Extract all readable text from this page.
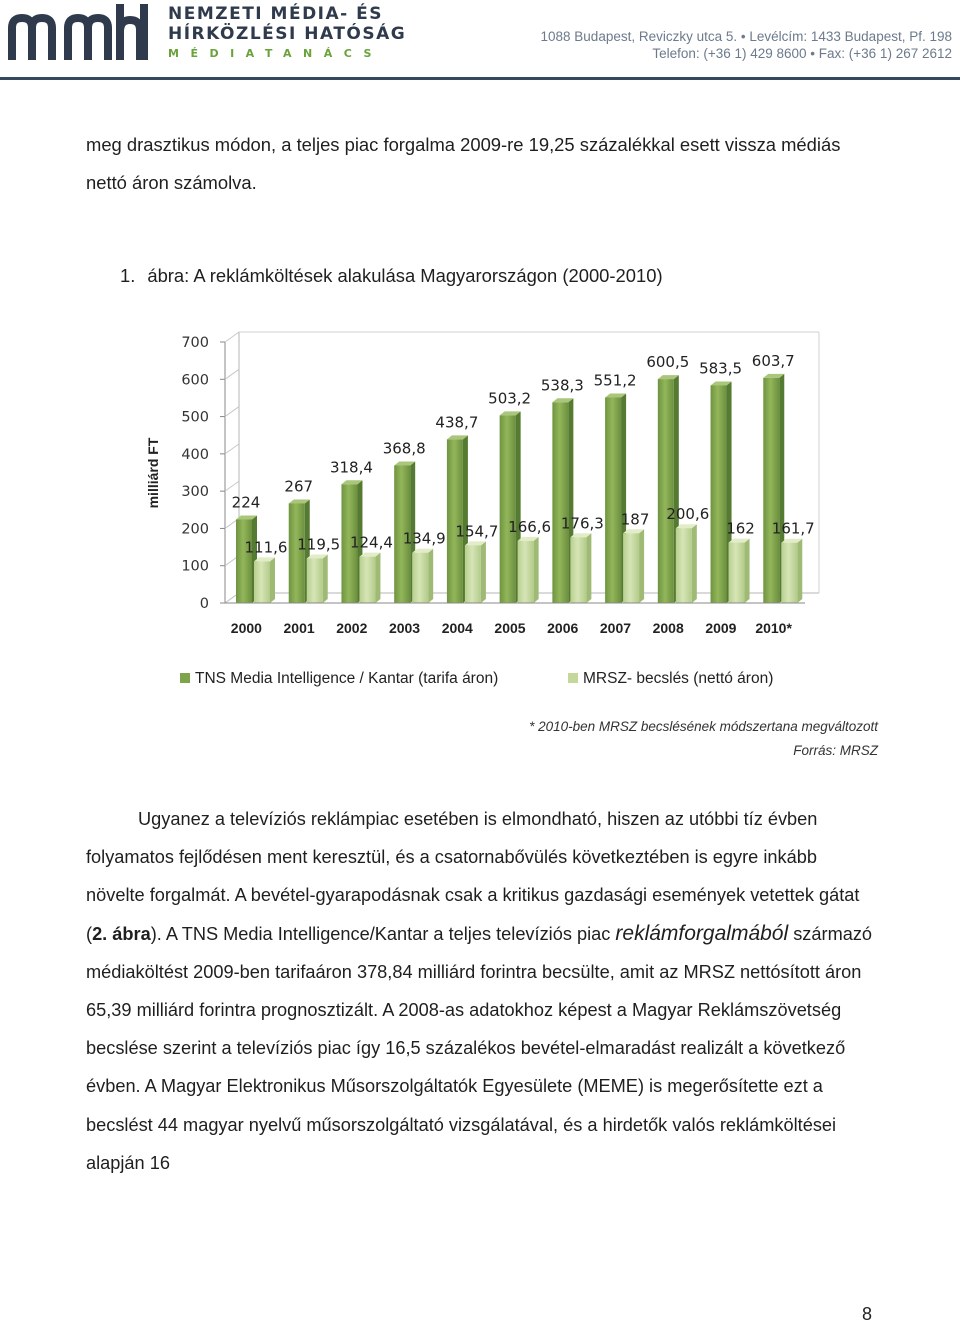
mmhh
NEMZETI MÉDIA- ÉS
HÍRKÖZLÉSI HATÓSÁG
MÉDIATANÁCS
1088 Budapest, Reviczky utca 5. • Levélcím: 1433 Budapest, Pf. 198
Telefon: (+36 1) 429 8600 • Fax: (+36 1) 267 2612
meg drasztikus módon, a teljes piac forgalma 2009-re 19,25 százalékkal esett vissza médiás nettó áron számolva.
1. ábra: A reklámköltések alakulása Magyarországon (2000-2010)
0
100
200
300
400
500
600
700
224
111,6
267
119,5
318,4
124,4
368,8
134,9
438,7
154,7
503,2
166,6
538,3
176,3
551,2
187
600,5
200,6
583,5
162
603,7
161,7
2000 2001 2002 2003 2004 2005 2006 2007 2008 2009 2010*
TNS Media Intelligence / Kantar (tarifa áron)	MRSZ- becslés (nettó áron)
milliárd FT
* 2010-ben MRSZ becslésének módszertana megváltozott
Forrás: MRSZ
Ugyanez a televíziós reklámpiac esetében is elmondható, hiszen az utóbbi tíz évben folyamatos fejlődésen ment keresztül, és a csatornabővülés következtében is egyre inkább növelte forgalmát. A bevétel-gyarapodásnak csak a kritikus gazdasági események vetettek gátat (2. ábra). A TNS Media Intelligence/Kantar a teljes televíziós piac reklámforgalmából származó médiaköltést 2009-ben tarifaáron 378,84 milliárd forintra becsülte, amit az MRSZ nettósított áron 65,39 milliárd forintra prognosztizált. A 2008-as adatokhoz képest a Magyar Reklámszövetség becslése szerint a televíziós piac így 16,5 százalékos bevétel-elmaradást realizált a következő évben. A Magyar Elektronikus Műsorszolgáltatók Egyesülete (MEME) is megerősítette ezt a becslést 44 magyar nyelvű műsorszolgáltató vizsgálatával, és a hirdetők valós reklámköltései alapján 16
8
